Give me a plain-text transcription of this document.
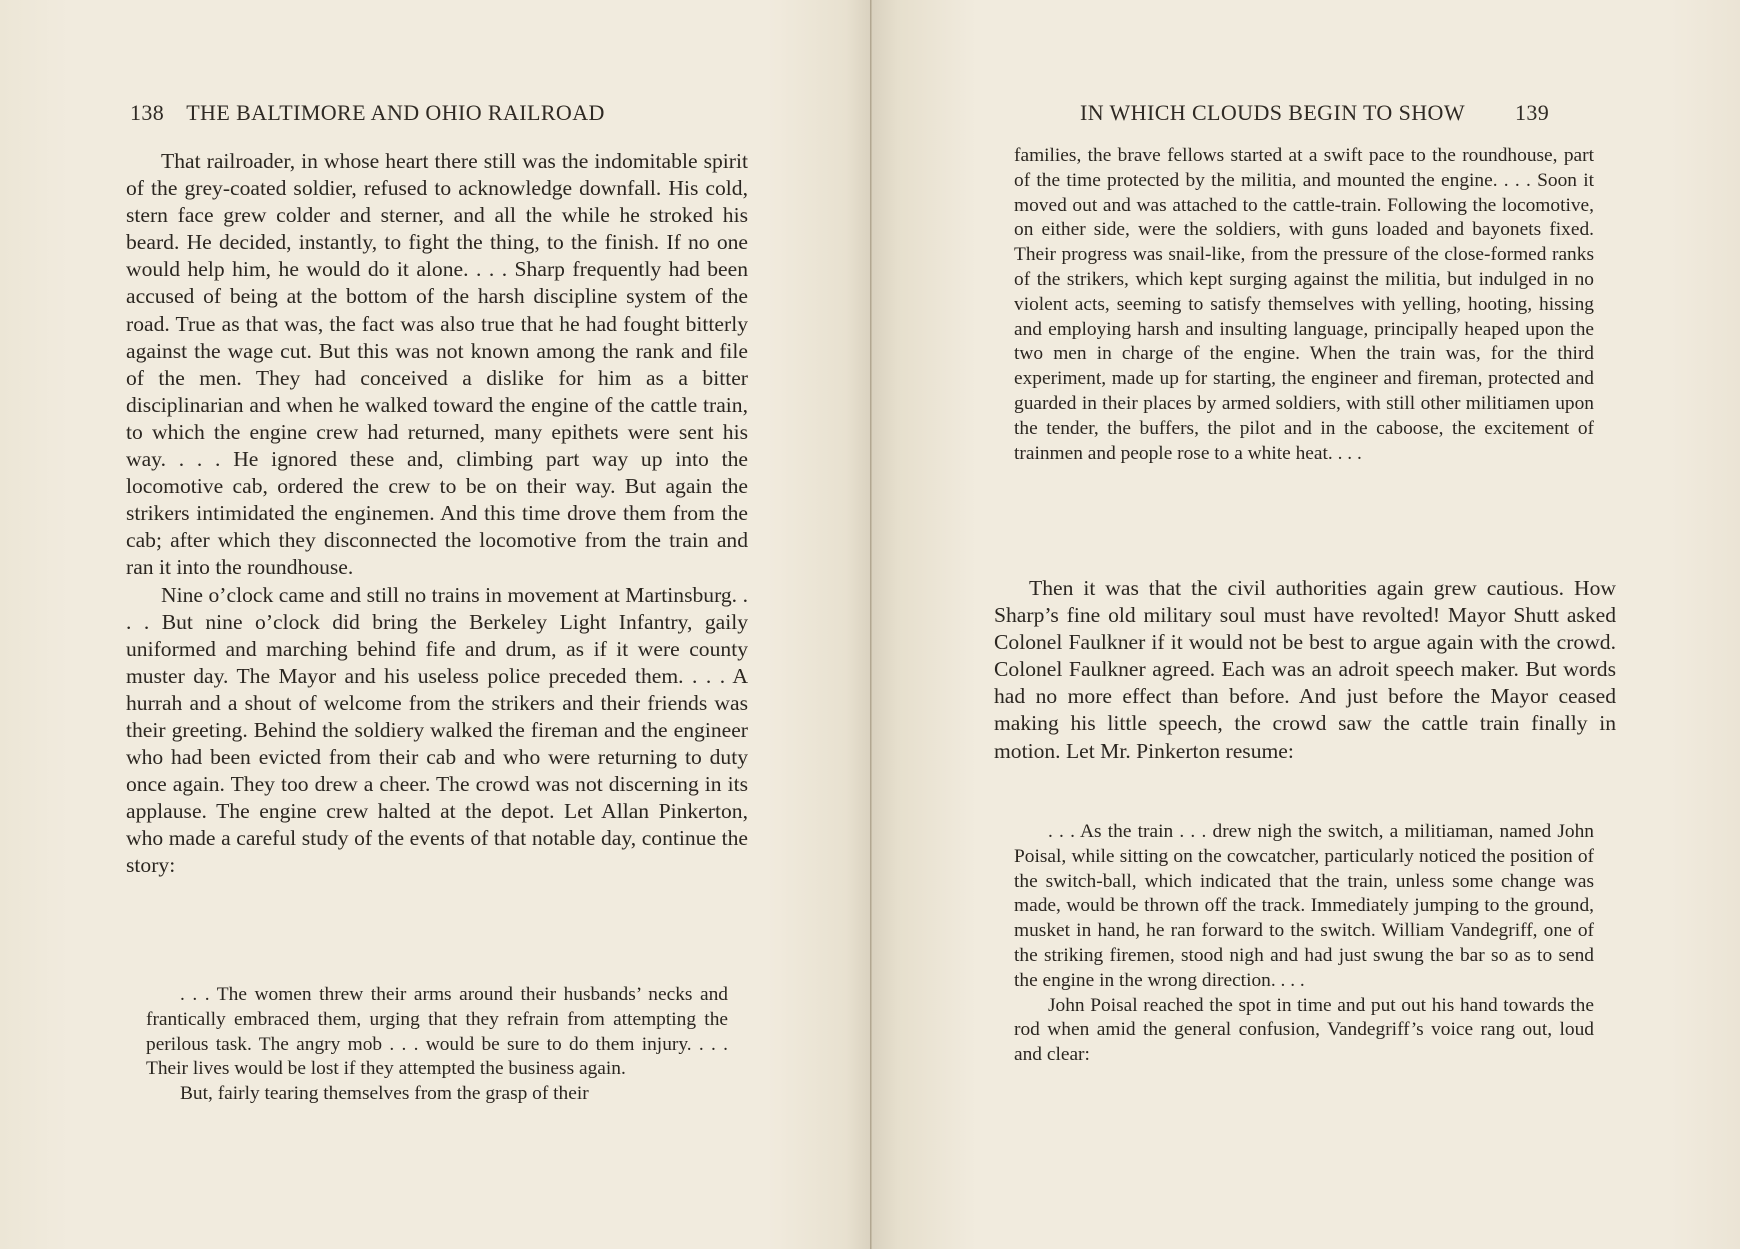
138 THE BALTIMORE AND OHIO RAILROAD

That railroader, in whose heart there still was the indomitable spirit of the grey-coated soldier, refused to acknowledge downfall. His cold, stern face grew colder and sterner, and all the while he stroked his beard. He decided, instantly, to fight the thing, to the finish. If no one would help him, he would do it alone. . . . Sharp frequently had been accused of being at the bottom of the harsh discipline system of the road. True as that was, the fact was also true that he had fought bitterly against the wage cut. But this was not known among the rank and file of the men. They had conceived a dislike for him as a bitter disciplinarian and when he walked toward the engine of the cattle train, to which the engine crew had returned, many epithets were sent his way. . . . He ignored these and, climbing part way up into the locomotive cab, ordered the crew to be on their way. But again the strikers intimidated the enginemen. And this time drove them from the cab; after which they disconnected the locomotive from the train and ran it into the roundhouse.

Nine o’clock came and still no trains in movement at Martinsburg. . . . But nine o’clock did bring the Berkeley Light Infantry, gaily uniformed and marching behind fife and drum, as if it were county muster day. The Mayor and his useless police preceded them. . . . A hurrah and a shout of welcome from the strikers and their friends was their greeting. Behind the soldiery walked the fireman and the engineer who had been evicted from their cab and who were returning to duty once again. They too drew a cheer. The crowd was not discerning in its applause. The engine crew halted at the depot. Let Allan Pinkerton, who made a careful study of the events of that notable day, continue the story:

. . . The women threw their arms around their husbands’ necks and frantically embraced them, urging that they refrain from attempting the perilous task. The angry mob . . . would be sure to do them injury. . . . Their lives would be lost if they attempted the business again.

But, fairly tearing themselves from the grasp of their

IN WHICH CLOUDS BEGIN TO SHOW 139

families, the brave fellows started at a swift pace to the roundhouse, part of the time protected by the militia, and mounted the engine. . . . Soon it moved out and was attached to the cattle-train. Following the locomotive, on either side, were the soldiers, with guns loaded and bayonets fixed. Their progress was snail-like, from the pressure of the close-formed ranks of the strikers, which kept surging against the militia, but indulged in no violent acts, seeming to satisfy themselves with yelling, hooting, hissing and employing harsh and insulting language, principally heaped upon the two men in charge of the engine. When the train was, for the third experiment, made up for starting, the engineer and fireman, protected and guarded in their places by armed soldiers, with still other militiamen upon the tender, the buffers, the pilot and in the caboose, the excitement of trainmen and people rose to a white heat. . . .

Then it was that the civil authorities again grew cautious. How Sharp’s fine old military soul must have revolted! Mayor Shutt asked Colonel Faulkner if it would not be best to argue again with the crowd. Colonel Faulkner agreed. Each was an adroit speech maker. But words had no more effect than before. And just before the Mayor ceased making his little speech, the crowd saw the cattle train finally in motion. Let Mr. Pinkerton resume:

. . . As the train . . . drew nigh the switch, a militiaman, named John Poisal, while sitting on the cowcatcher, particularly noticed the position of the switch-ball, which indicated that the train, unless some change was made, would be thrown off the track. Immediately jumping to the ground, musket in hand, he ran forward to the switch. William Vandegriff, one of the striking firemen, stood nigh and had just swung the bar so as to send the engine in the wrong direction. . . .

John Poisal reached the spot in time and put out his hand towards the rod when amid the general confusion, Vandegriff’s voice rang out, loud and clear:
